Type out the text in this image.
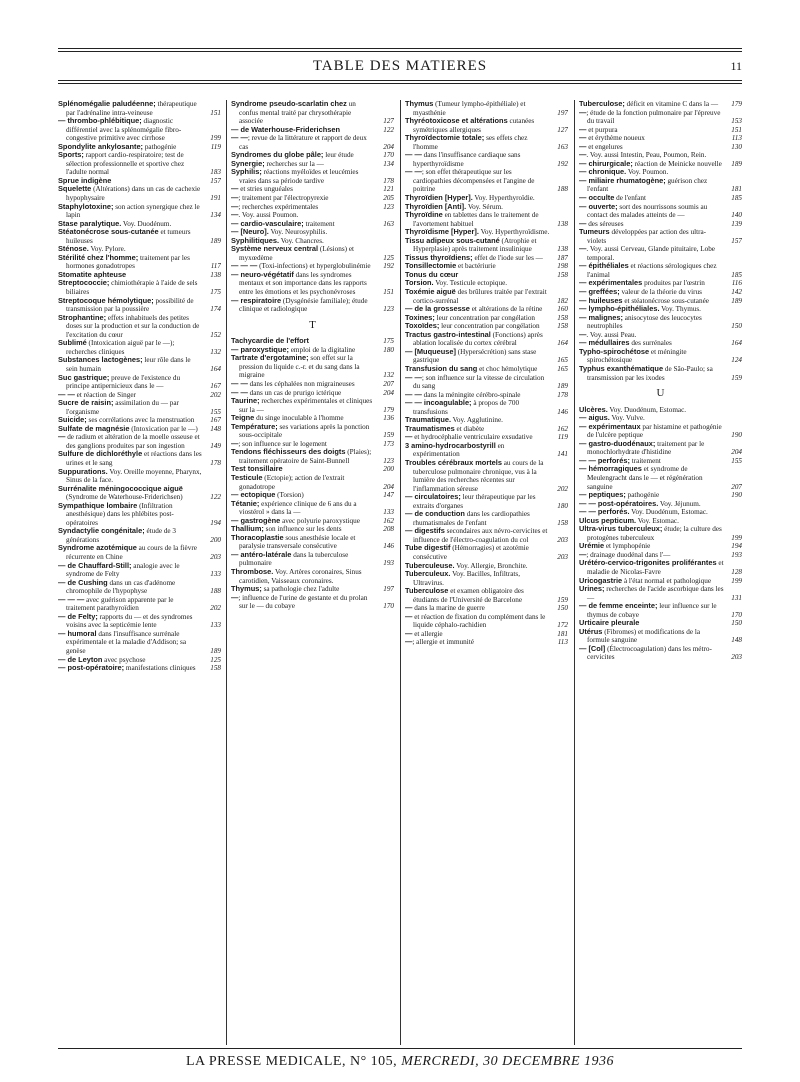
TABLE DES MATIERES	11
Splénomégalie paludéenne; thérapeutique par l'adrénaline intra-veineuse	151
— thrombo-phlébitique; diagnostic différentiel avec la splénomégalie fibro-congestive primitive avec cirrhose	199
Spondylite ankylosante; pathogénie	119
Sports; rapport cardio-respiratoire; test de sélection professionnelle et sportive chez l'adulte normal	183
Sprue indigène	157
Squelette (Altérations) dans un cas de cachexie hypophysaire	191
Staphylotoxine; son action synergique chez le lapin	134
Stase paralytique. Voy. Duodénum.
Stéatonécrose sous-cutanée et tumeurs huileuses	189
Sténose. Voy. Pylore.
Stérilité chez l'homme; traitement par les hormones gonadotropes	117
Stomatite aphteuse	138
Streptococcie; chimiothérapie à l'aide de sels biliaires	175
Streptocoque hémolytique; possibilité de transmission par la poussière	174
Strophantine; effets inhabituels des petites doses sur la production et sur la conduction de l'excitation du cœur	152
Sublimé (Intoxication aiguë par le —); recherches cliniques	132
Substances lactogènes; leur rôle dans le sein humain	164
Suc gastrique; preuve de l'existence du principe antipernicieux dans le —	167
— — et réaction de Singer	202
Sucre de raisin; assimilation du — par l'organisme	155
Suicide; ses corrélations avec la menstruation 167
Sulfate de magnésie (Intoxication par le —) 148
— de radium et altération de la moelle osseuse et des ganglions produites par son ingestion	149
Sulfure de dichloréthyle et réactions dans les urines et le sang	178
Suppurations. Voy. Oreille moyenne, Pharynx, Sinus de la face.
Surrénalite méningococcique aiguë (Syndrome de Waterhouse-Friderichsen)	122
Sympathique lombaire (Infiltration anesthésique) dans les phlébites post-opératoires	194
Syndactylie congénitale; étude de 3 générations	200
Syndrome azotémique au cours de la fièvre récurrente en Chine	203
— de Chauffard-Still; analogie avec le syndrome de Felty	133
— de Cushing dans un cas d'adénome chromophile de l'hypophyse	188
— — — avec guérison apparente par le traitement parathyroïdien	202
— de Felty; rapports du — et des syndromes voisins avec la septicémie lente	133
— humoral dans l'insuffisance surrénale expérimentale et la maladie d'Addison; sa genèse	189
— de Leyton avec psychose	125
— post-opératoire; manifestations cliniques 158
Syndrome pseudo-scarlatin chez un confus mental traité par chrysothérapie associée	127
— de Waterhouse-Friderichsen	122
— —; revue de la littérature et rapport de deux cas	204
Syndromes du globe pâle; leur étude	170
Synergie; recherches sur la —	134
Syphilis; réactions myéloïdes et leucémies vraies dans sa période tardive	178
— et stries unguéales	121
—; traitement par l'électropyrexie	205
—; recherches expérimentales	123
—. Voy. aussi Poumon.
— cardio-vasculaire; traitement	163
— [Neuro]. Voy. Neurosyphilis.
Syphilitiques. Voy. Chancres.
Système nerveux central (Lésions) et myxœdème	125
— — — (Toxi-infections) et hyperglobulinémie 192
— neuro-végétatif dans les syndromes mentaux et son importance dans les rapports entre les émotions et les psychonévroses	151
— respiratoire (Dysgénésie familiale); étude clinique et radiologique	123
T
Tachycardie de l'effort	175
— paroxystique; emploi de la digitaline	180
Tartrate d'ergotamine; son effet sur la pression du liquide c.-r. et du sang dans la migraine	132
— — dans les céphalées non migraineuses	207
— — dans un cas de prurigo ictérique	204
Taurine; recherches expérimentales et cliniques sur la —	179
Teigne du singe inoculable à l'homme	136
Température; ses variations après la ponction sous-occipitale	159
—; son influence sur le logement	173
Tendons fléchisseurs des doigts (Plaies); traitement opératoire de Saint-Bunnell	123
Test tonsillaire	200
Testicule (Ectopie); action de l'extrait gonadotrope	204
— ectopique (Torsion)	147
Tétanie; expérience clinique de 6 ans du a viostérol » dans la —	133
— gastrogène avec polyurie paroxystique	162
Thallium; son influence sur les dents	208
Thoracoplastie sous anesthésie locale et paralysie transversale consécutive	146
— antéro-latérale dans la tuberculose pulmonaire	193
Thrombose. Voy. Artères coronaires, Sinus carotidien, Vaisseaux coronaires.
Thymus; sa pathologie chez l'adulte	197
—; influence de l'urine de gestante et du prolan sur le — du cobaye	170
Thymus (Tumeur lympho-épithéliale) et myasthénie	197
Thyréotoxicose et altérations cutanées symétriques allergiques	127
Thyroïdectomie totale; ses effets chez l'homme	163
— — dans l'insuffisance cardiaque sans hyperthyroïdisme	192
— —; son effet thérapeutique sur les cardiopathies décompensées et l'angine de poitrine	188
Thyroïdien [Hyper]. Voy. Hyperthyroïdie.
Thyroïdien [Anti]. Voy. Sérum.
Thyroïdine en tablettes dans le traitement de l'avortement habituel	138
Thyroïdisme [Hyper]. Voy. Hyperthyroïdisme.
Tissu adipeux sous-cutané (Atrophie et Hyperplasie) après traitement insulinique	138
Tissus thyroïdiens; effet de l'iode sur les — 187
Tonsillectomie et bactériurie	198
Tonus du cœur	158
Torsion. Voy. Testicule ectopique.
Toxémie aiguë des brûlures traitée par l'extrait cortico-surrénal	182
— de la grossesse et altérations de la rétine 160
Toxines; leur concentration par congélation	158
Toxoïdes; leur concentration par congélation 158
Tractus gastro-intestinal (Fonctions) après ablation localisée du cortex cérébral	164
— [Muqueuse] (Hypersécrétion) sans stase gastrique	165
Transfusion du sang et choc hémolytique	165
— —; son influence sur la vitesse de circulation du sang	189
— — dans la méningite cérébro-spinale	178
— — incoagulable; à propos de 700 transfusions	146
Traumatique. Voy. Agglutinine.
Traumatismes et diabète	162
— et hydrocéphalie ventriculaire exsudative	119
3 amino-hydrocarbostyrill en expérimentation	141
Troubles cérébraux mortels au cours de la tuberculose pulmonaire chronique, vus à la lumière des recherches récentes sur l'inflammation séreuse	202
— circulatoires; leur thérapeutique par les extraits d'organes	180
— de conduction dans les cardiopathies rhumatismales de l'enfant	158
— digestifs secondaires aux névro-cervicites et influence de l'électro-coagulation du col	203
Tube digestif (Hémorragies) et azotémie consécutive	203
Tuberculeuse. Voy. Allergie, Bronchite.
Tuberculeux. Voy. Bacilles, Infiltrats, Ultravirus.
Tuberculose et examen obligatoire des étudiants de l'Université de Barcelone	159
— dans la marine de guerre	150
— et réaction de fixation du complément dans le liquide céphalo-rachidien	172
— et allergie	181
—; allergie et immunité	113
Tuberculose; déficit en vitamine C dans la — 179
—; étude de la fonction pulmonaire par l'épreuve du travail	153
— et purpura	151
— et érythème noueux	113
— et engelures	130
—. Voy. aussi Intestin, Peau, Poumon, Rein.
— chirurgicale; réaction de Meinicke nouvelle 189
— chronique. Voy. Poumon.
— miliaire rhumatogène; guérison chez l'enfant	181
— occulte de l'enfant	185
— ouverte; sort des nourrissons soumis au contact des malades atteints de —	140
— des séreuses	139
Tumeurs développées par action des ultra-violets	157
—. Voy. aussi Cerveau, Glande pituitaire, Lobe temporal.
— épithéliales et réactions sérologiques chez l'animal	185
— expérimentales produites par l'œstrin	116
— greffées; valeur de la théorie du virus	142
— huileuses et stéatonécrose sous-cutanée	189
— lympho-épithéliales. Voy. Thymus.
— malignes; anisocytose des leucocytes neutrophiles	150
—. Voy. aussi Peau.
— médullaires des surrénales	164
Typho-spirochétose et méningite spirochétosique	124
Typhus exanthématique de São-Paulo; sa transmission par les ixodes	159
U
Ulcères. Voy. Duodénum, Estomac.
— aigus. Voy. Vulve.
— expérimentaux par histamine et pathogénie de l'ulcère peptique	190
— gastro-duodénaux; traitement par le monochlorhydrate d'histidine	204
— — perforés; traitement	155
— hémorragiques et syndrome de Meulengracht dans le — et régénération sanguine	207
— peptiques; pathogénie	190
— — post-opératoires. Voy. Jéjunum.
— — perforés. Voy. Duodénum, Estomac.
Ulcus pepticum. Voy. Estomac.
Ultra-virus tuberculeux; étude; la culture des protogènes tuberculeux	199
Urémie et lymphopénie	194
—; drainage duodénal dans l'—	193
Urétéro-cervico-trigonites proliférantes et maladie de Nicolas-Favre	128
Uricogastrie à l'état normal et pathologique	199
Urines; recherches de l'acide ascorbique dans les —	131
— de femme enceinte; leur influence sur le thymus de cobaye	170
Urticaire pleurale	150
Utérus (Fibromes) et modifications de la formule sanguine	148
— [Col] (Électrocoagulation) dans les métro-cervicites	203
LA PRESSE MEDICALE, N° 105, MERCREDI, 30 DECEMBRE 1936
